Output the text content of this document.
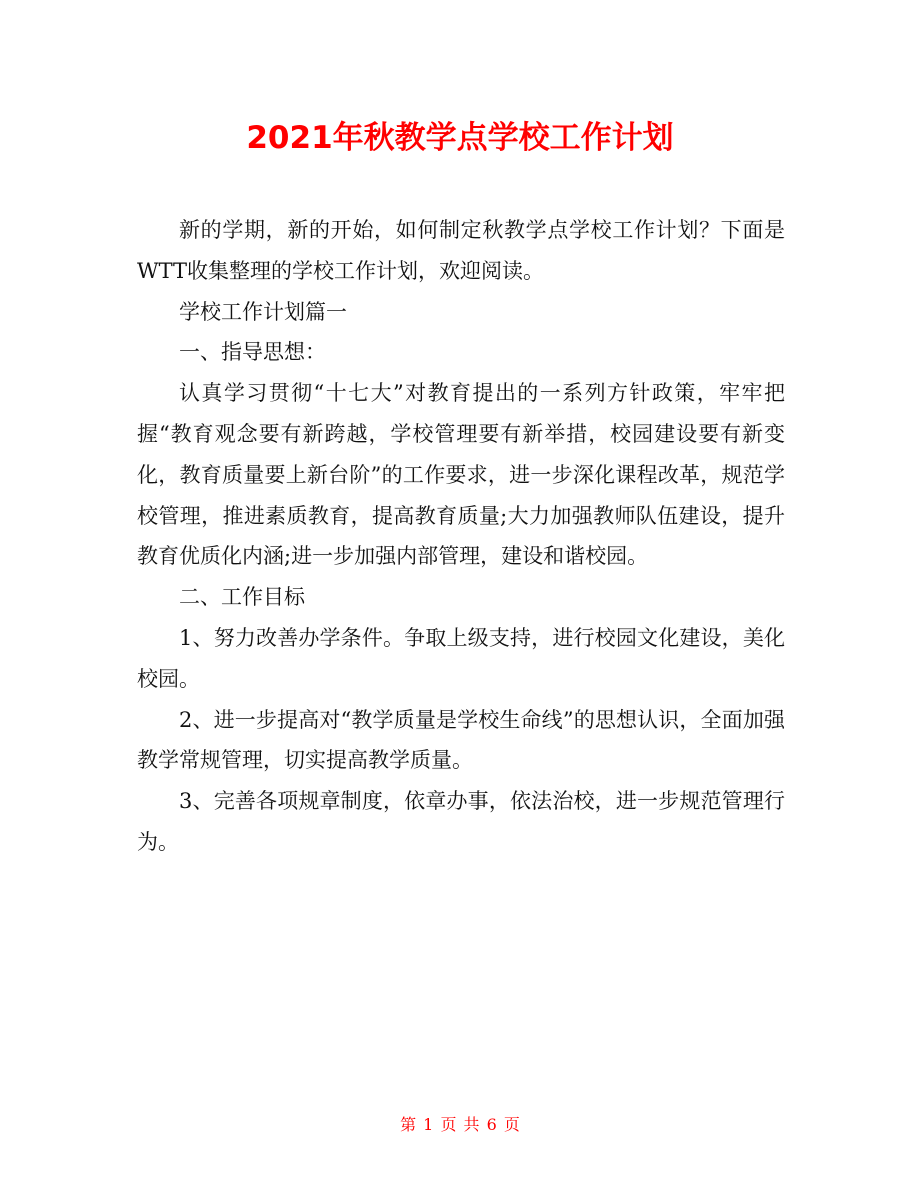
2021年秋教学点学校工作计划

新的学期，新的开始，如何制定秋教学点学校工作计划？下面是WTT收集整理的学校工作计划，欢迎阅读。

学校工作计划篇一

一、指导思想：

认真学习贯彻“十七大”对教育提出的一系列方针政策，牢牢把握“教育观念要有新跨越，学校管理要有新举措，校园建设要有新变化，教育质量要上新台阶”的工作要求，进一步深化课程改革，规范学校管理，推进素质教育，提高教育质量;大力加强教师队伍建设，提升教育优质化内涵;进一步加强内部管理，建设和谐校园。

二、工作目标

1、努力改善办学条件。争取上级支持，进行校园文化建设，美化校园。

2、进一步提高对“教学质量是学校生命线”的思想认识，全面加强教学常规管理，切实提高教学质量。

3、完善各项规章制度，依章办事，依法治校，进一步规范管理行为。

第 1 页 共 6 页
